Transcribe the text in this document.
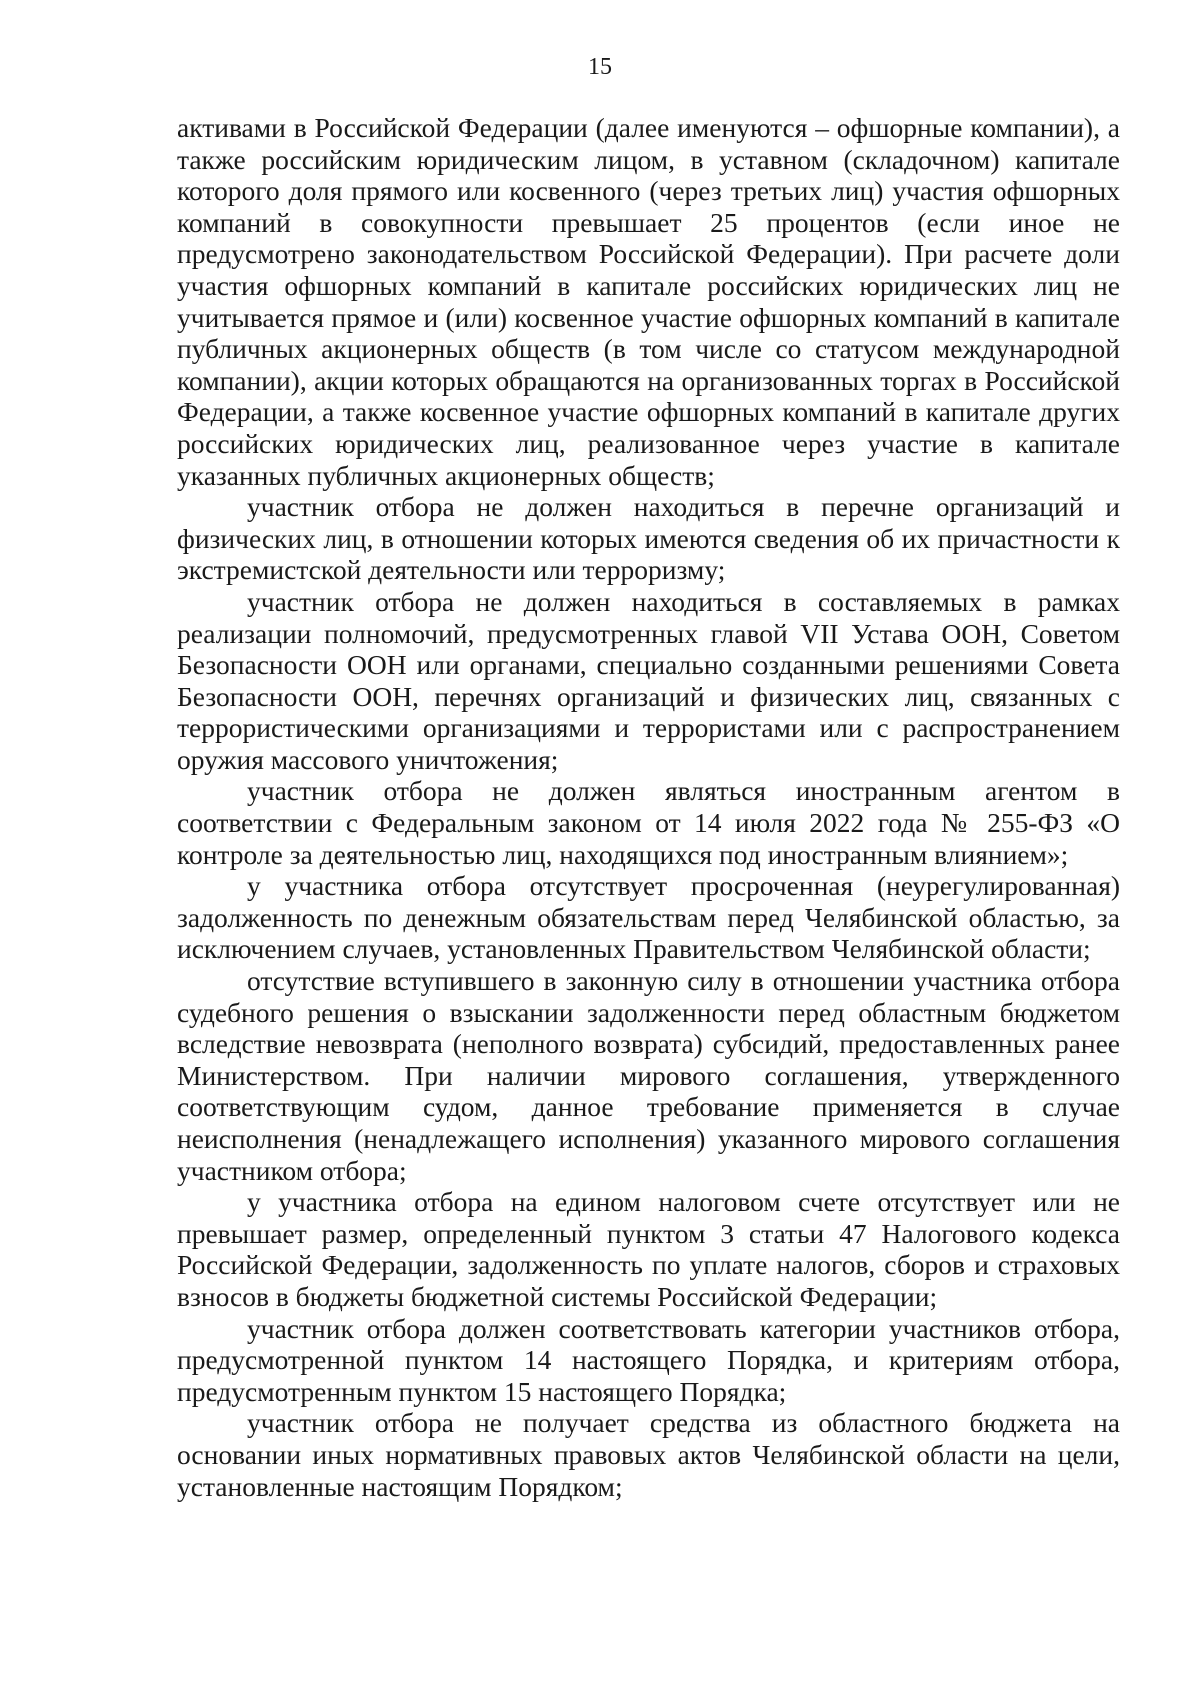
15

активами в Российской Федерации (далее именуются – офшорные компании), а также российским юридическим лицом, в уставном (складочном) капитале которого доля прямого или косвенного (через третьих лиц) участия офшорных компаний в совокупности превышает 25 процентов (если иное не предусмотрено законодательством Российской Федерации). При расчете доли участия офшорных компаний в капитале российских юридических лиц не учитывается прямое и (или) косвенное участие офшорных компаний в капитале публичных акционерных обществ (в том числе со статусом международной компании), акции которых обращаются на организованных торгах в Российской Федерации, а также косвенное участие офшорных компаний в капитале других российских юридических лиц, реализованное через участие в капитале указанных публичных акционерных обществ;

участник отбора не должен находиться в перечне организаций и физических лиц, в отношении которых имеются сведения об их причастности к экстремистской деятельности или терроризму;

участник отбора не должен находиться в составляемых в рамках реализации полномочий, предусмотренных главой VII Устава ООН, Советом Безопасности ООН или органами, специально созданными решениями Совета Безопасности ООН, перечнях организаций и физических лиц, связанных с террористическими организациями и террористами или с распространением оружия массового уничтожения;

участник отбора не должен являться иностранным агентом в соответствии с Федеральным законом от 14 июля 2022 года № 255-ФЗ «О контроле за деятельностью лиц, находящихся под иностранным влиянием»;

у участника отбора отсутствует просроченная (неурегулированная) задолженность по денежным обязательствам перед Челябинской областью, за исключением случаев, установленных Правительством Челябинской области;

отсутствие вступившего в законную силу в отношении участника отбора судебного решения о взыскании задолженности перед областным бюджетом вследствие невозврата (неполного возврата) субсидий, предоставленных ранее Министерством. При наличии мирового соглашения, утвержденного соответствующим судом, данное требование применяется в случае неисполнения (ненадлежащего исполнения) указанного мирового соглашения участником отбора;

у участника отбора на едином налоговом счете отсутствует или не превышает размер, определенный пунктом 3 статьи 47 Налогового кодекса Российской Федерации, задолженность по уплате налогов, сборов и страховых взносов в бюджеты бюджетной системы Российской Федерации;

участник отбора должен соответствовать категории участников отбора, предусмотренной пунктом 14 настоящего Порядка, и критериям отбора, предусмотренным пунктом 15 настоящего Порядка;

участник отбора не получает средства из областного бюджета на основании иных нормативных правовых актов Челябинской области на цели, установленные настоящим Порядком;
